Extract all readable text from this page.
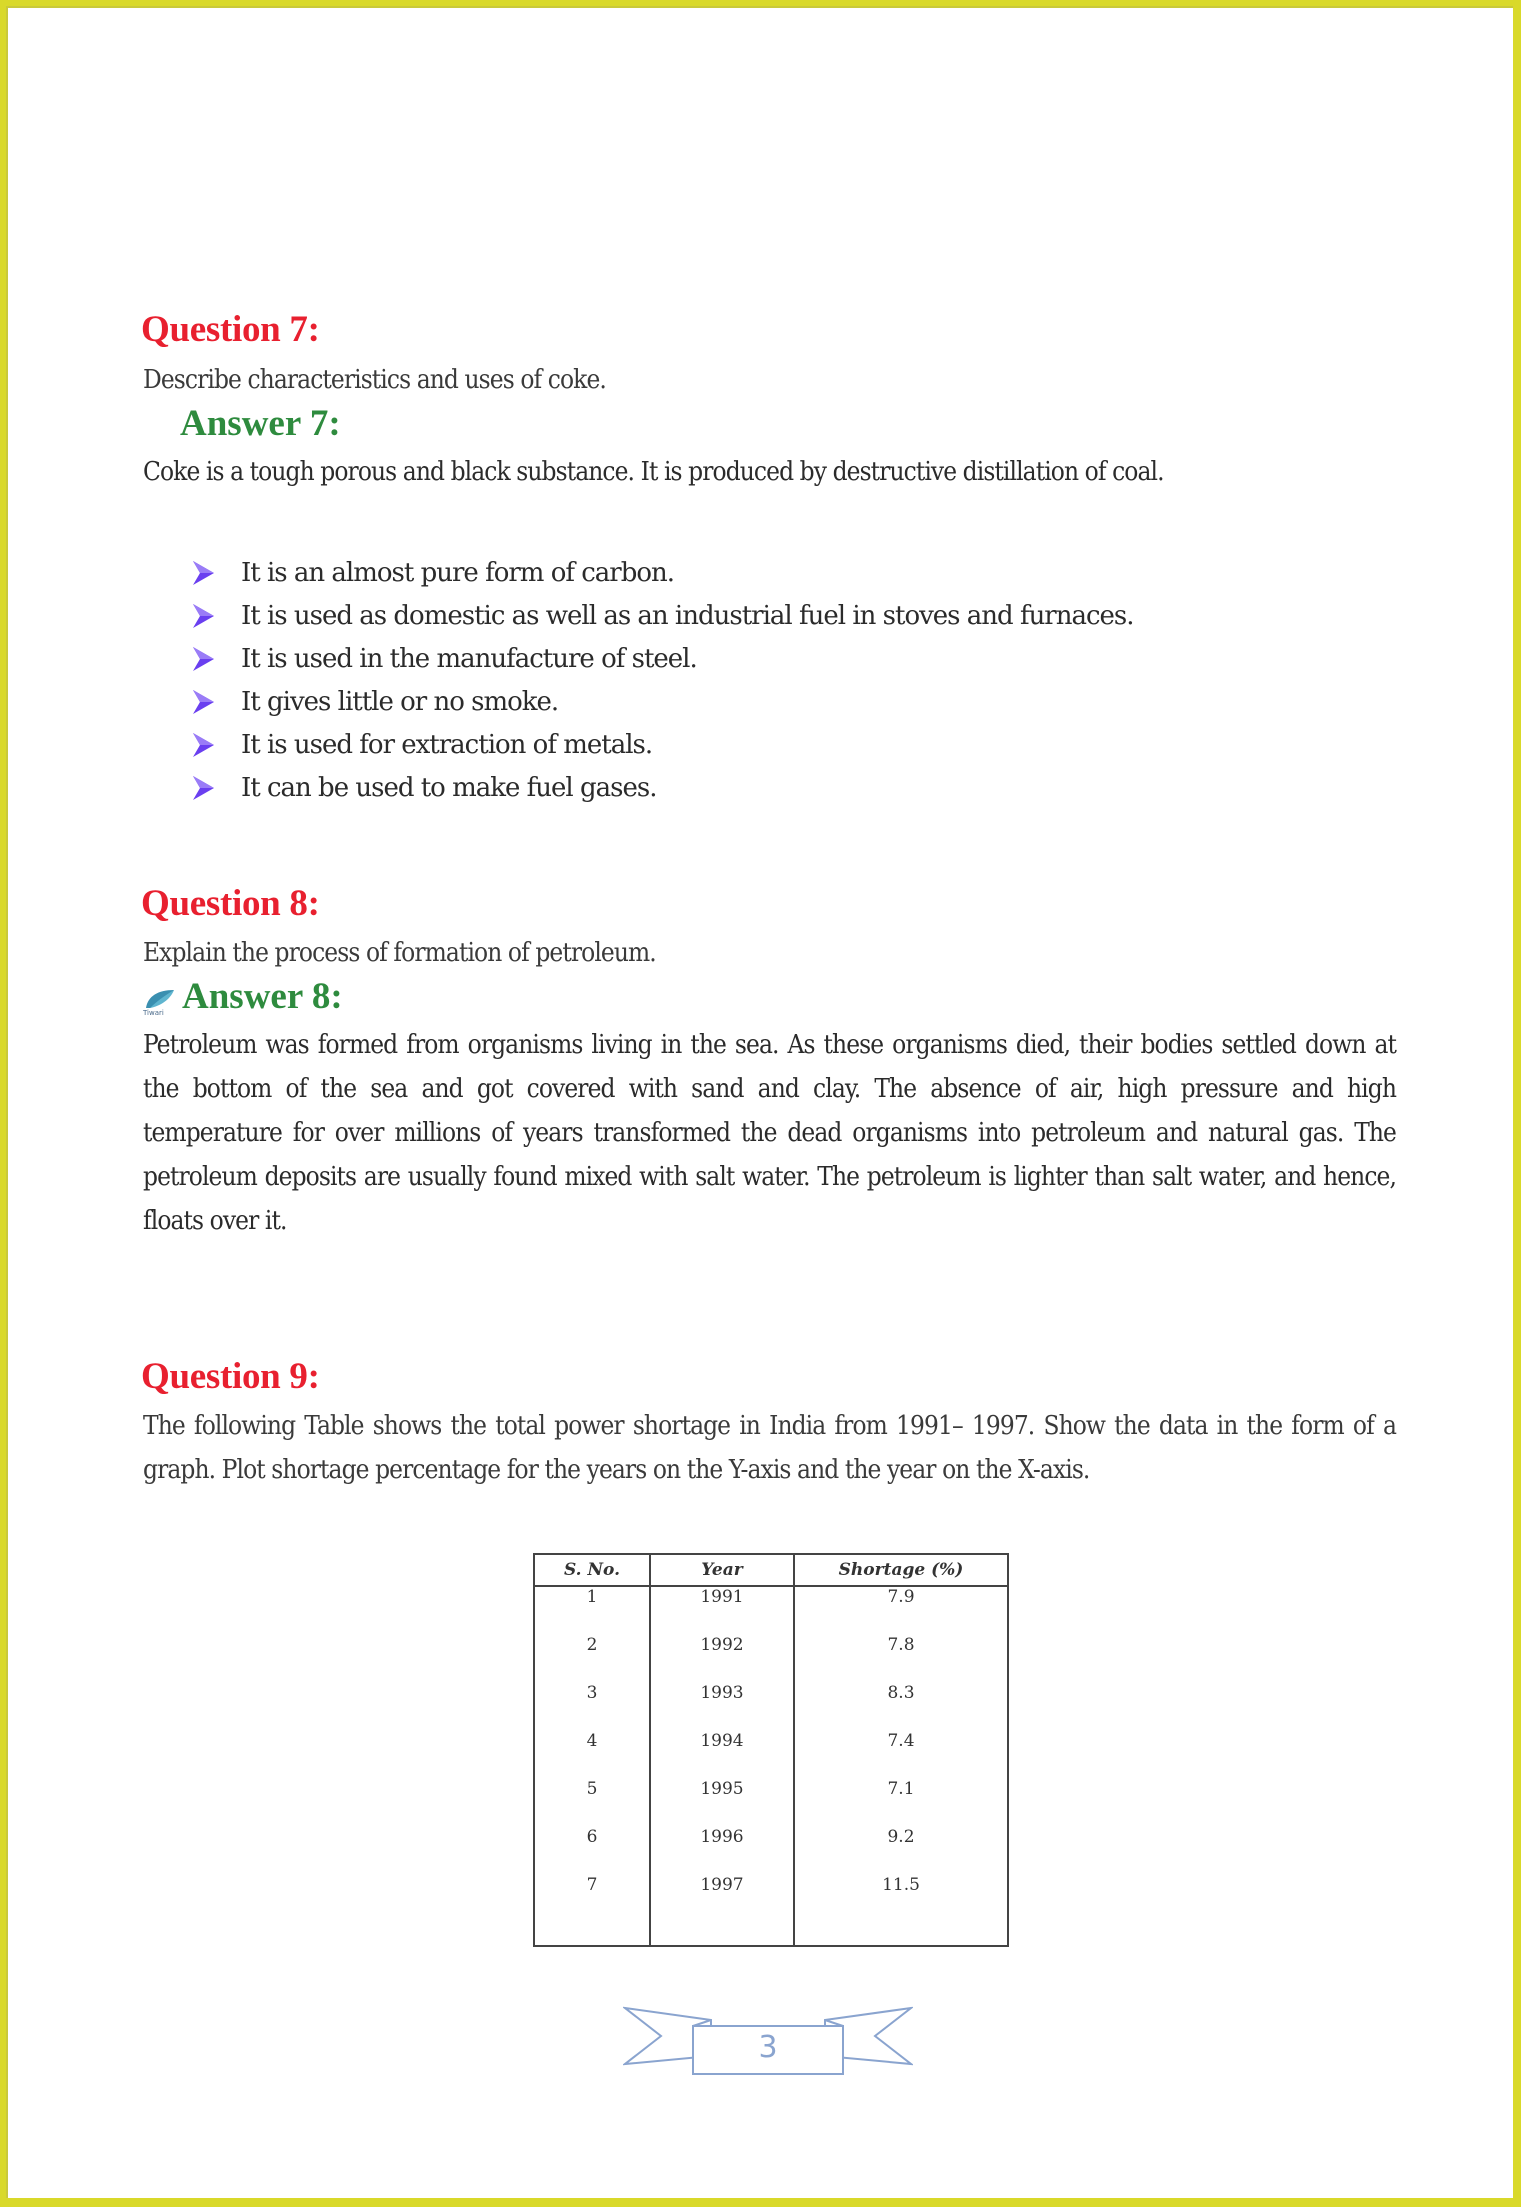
Question 7:
Describe characteristics and uses of coke.
Answer 7:
Coke is a tough porous and black substance. It is produced by destructive distillation of coal.
It is an almost pure form of carbon.
It is used as domestic as well as an industrial fuel in stoves and furnaces.
It is used in the manufacture of steel.
It gives little or no smoke.
It is used for extraction of metals.
It can be used to make fuel gases.
Question 8:
Explain the process of formation of petroleum.
Tiwari Answer 8:
Petroleum was formed from organisms living in the sea. As these organisms died, their bodies settled down at the bottom of the sea and got covered with sand and clay. The absence of air, high pressure and high temperature for over millions of years transformed the dead organisms into petroleum and natural gas. The petroleum deposits are usually found mixed with salt water. The petroleum is lighter than salt water, and hence, floats over it.
Question 9:
The following Table shows the total power shortage in India from 1991– 1997. Show the data in the form of a graph. Plot shortage percentage for the years on the Y-axis and the year on the X-axis.
S. No.	Year	Shortage (%)
1	1991	7.9
2	1992	7.8
3	1993	8.3
4	1994	7.4
5	1995	7.1
6	1996	9.2
7	1997	11.5

3
